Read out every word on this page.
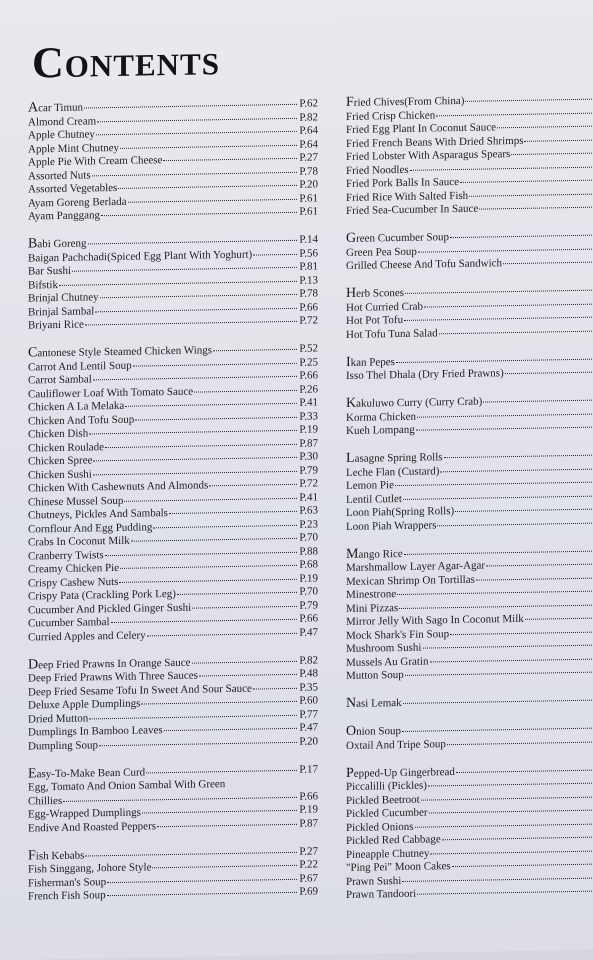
Contents
Acar Timun	P.62
Almond Cream	P.82
Apple Chutney	P.64
Apple Mint Chutney	P.64
Apple Pie With Cream Cheese	P.27
Assorted Nuts	P.78
Assorted Vegetables	P.20
Ayam Goreng Berlada	P.61
Ayam Panggang	P.61
Babi Goreng	P.14
Baigan Pachchadi(Spiced Egg Plant With Yoghurt)	P.56
Bar Sushi	P.81
Bifstik	P.13
Brinjal Chutney	P.78
Brinjal Sambal	P.66
Briyani Rice	P.72
Cantonese Style Steamed Chicken Wings	P.52
Carrot And Lentil Soup	P.25
Carrot Sambal	P.66
Cauliflower Loaf With Tomato Sauce	P.26
Chicken A La Melaka	P.41
Chicken And Tofu Soup	P.33
Chicken Dish	P.19
Chicken Roulade	P.87
Chicken Spree	P.30
Chicken Sushi	P.79
Chicken With Cashewnuts And Almonds	P.72
Chinese Mussel Soup	P.41
Chutneys, Pickles And Sambals	P.63
Cornflour And Egg Pudding	P.23
Crabs In Coconut Milk	P.70
Cranberry Twists	P.88
Creamy Chicken Pie	P.68
Crispy Cashew Nuts	P.19
Crispy Pata (Crackling Pork Leg)	P.70
Cucumber And Pickled Ginger Sushi	P.79
Cucumber Sambal	P.66
Curried Apples and Celery	P.47
Deep Fried Prawns In Orange Sauce	P.82
Deep Fried Prawns With Three Sauces	P.48
Deep Fried Sesame Tofu In Sweet And Sour Sauce	P.35
Deluxe Apple Dumplings	P.60
Dried Mutton	P.77
Dumplings In Bamboo Leaves	P.47
Dumpling Soup	P.20
Easy-To-Make Bean Curd	P.17
Egg, Tomato And Onion Sambal With Green
Chillies	P.66
Egg-Wrapped Dumplings	P.19
Endive And Roasted Peppers	P.87
Fish Kebabs	P.27
Fish Singgang, Johore Style	P.22
Fisherman's Soup	P.67
French Fish Soup	P.69
Fried Chives(From China)
Fried Crisp Chicken
Fried Egg Plant In Coconut Sauce
Fried French Beans With Dried Shrimps
Fried Lobster With Asparagus Spears
Fried Noodles
Fried Pork Balls In Sauce
Fried Rice With Salted Fish
Fried Sea-Cucumber In Sauce
Green Cucumber Soup
Green Pea Soup
Grilled Cheese And Tofu Sandwich
Herb Scones
Hot Curried Crab
Hot Pot Tofu
Hot Tofu Tuna Salad
Ikan Pepes
Isso Thel Dhala (Dry Fried Prawns)
Kakuluwo Curry (Curry Crab)
Korma Chicken
Kueh Lompang
Lasagne Spring Rolls
Leche Flan (Custard)
Lemon Pie
Lentil Cutlet
Loon Piah(Spring Rolls)
Loon Piah Wrappers
Mango Rice
Marshmallow Layer Agar-Agar
Mexican Shrimp On Tortillas
Minestrone
Mini Pizzas
Mirror Jelly With Sago In Coconut Milk
Mock Shark's Fin Soup
Mushroom Sushi
Mussels Au Gratin
Mutton Soup
Nasi Lemak
Onion Soup
Oxtail And Tripe Soup
Pepped-Up Gingerbread
Piccalilli (Pickles)
Pickled Beetroot
Pickled Cucumber
Pickled Onions
Pickled Red Cabbage
Pineapple Chutney
"Ping Pei" Moon Cakes
Prawn Sushi
Prawn Tandoori
